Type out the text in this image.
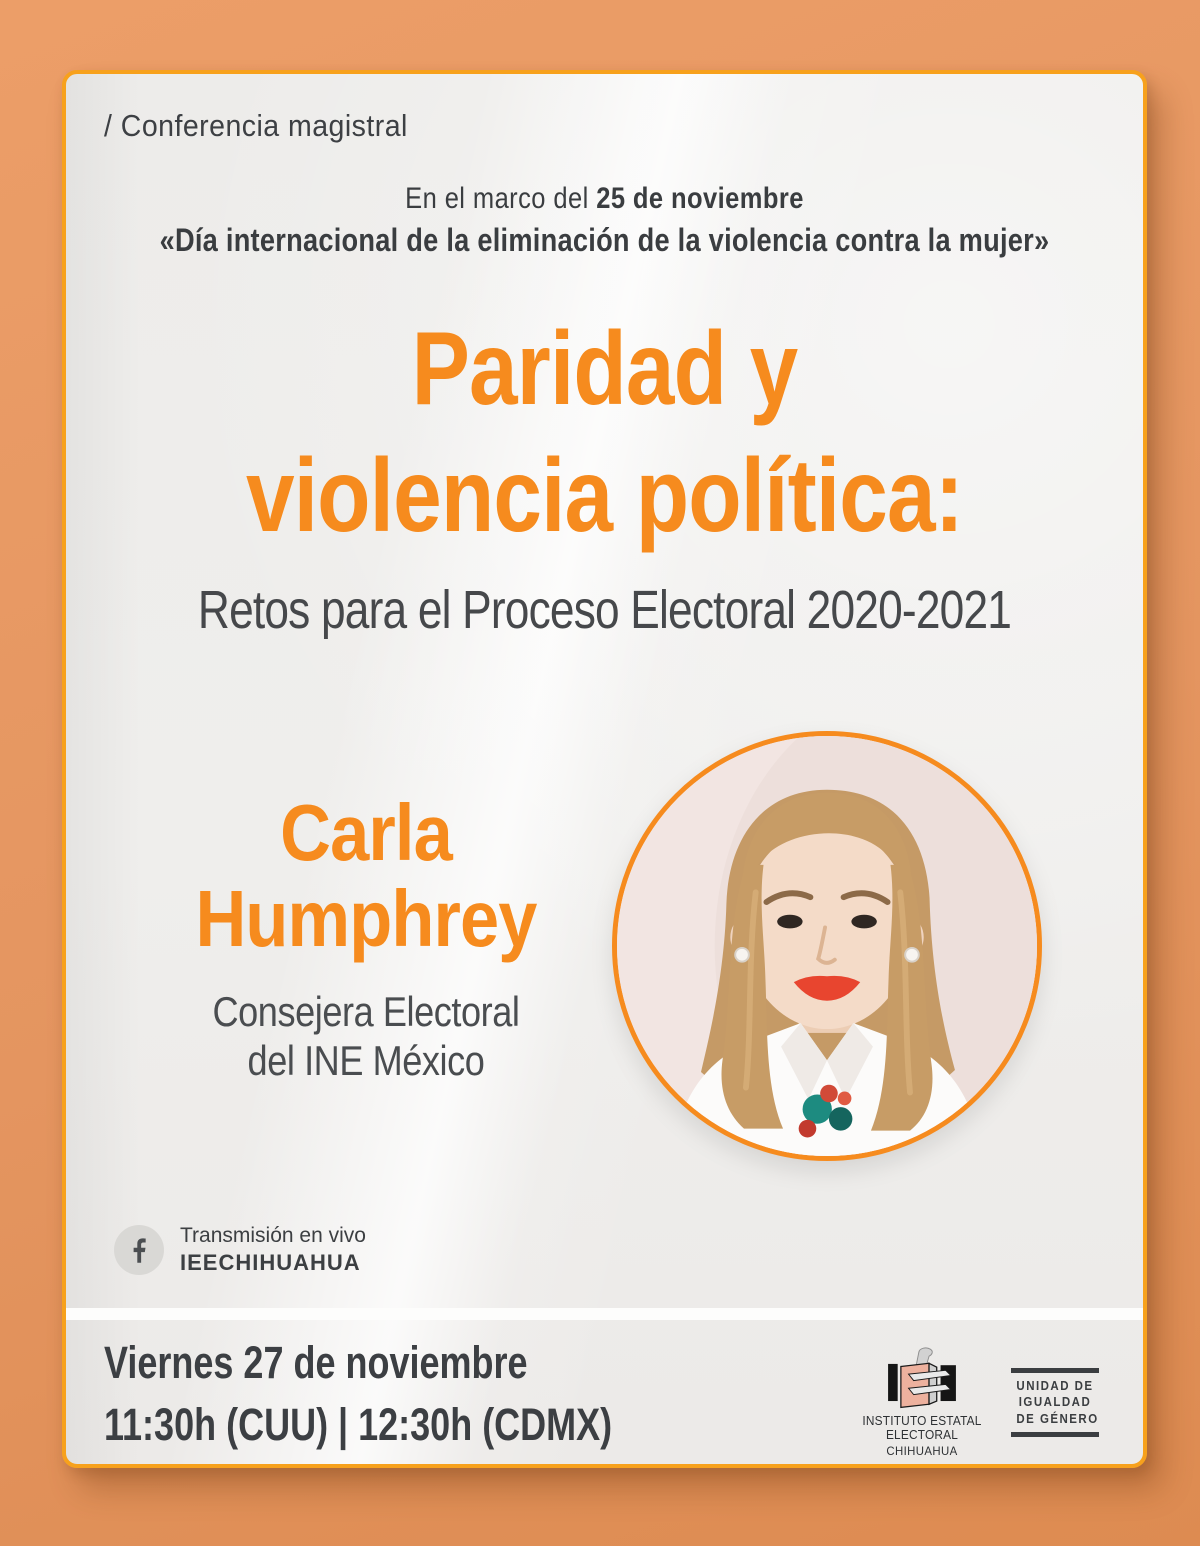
/ Conferencia magistral
En el marco del 25 de noviembre
«Día internacional de la eliminación de la violencia contra la mujer»
Paridad y
violencia política:
Retos para el Proceso Electoral 2020-2021
Carla
Humphrey
Consejera Electoral
del INE México
Transmisión en vivo
IEECHIHUAHUA
Viernes 27 de noviembre
11:30h (CUU) | 12:30h (CDMX)	INSTITUTO ESTATAL ELECTORAL
CHIHUAHUA
UNIDAD DE
IGUALDAD
DE GÉNERO
